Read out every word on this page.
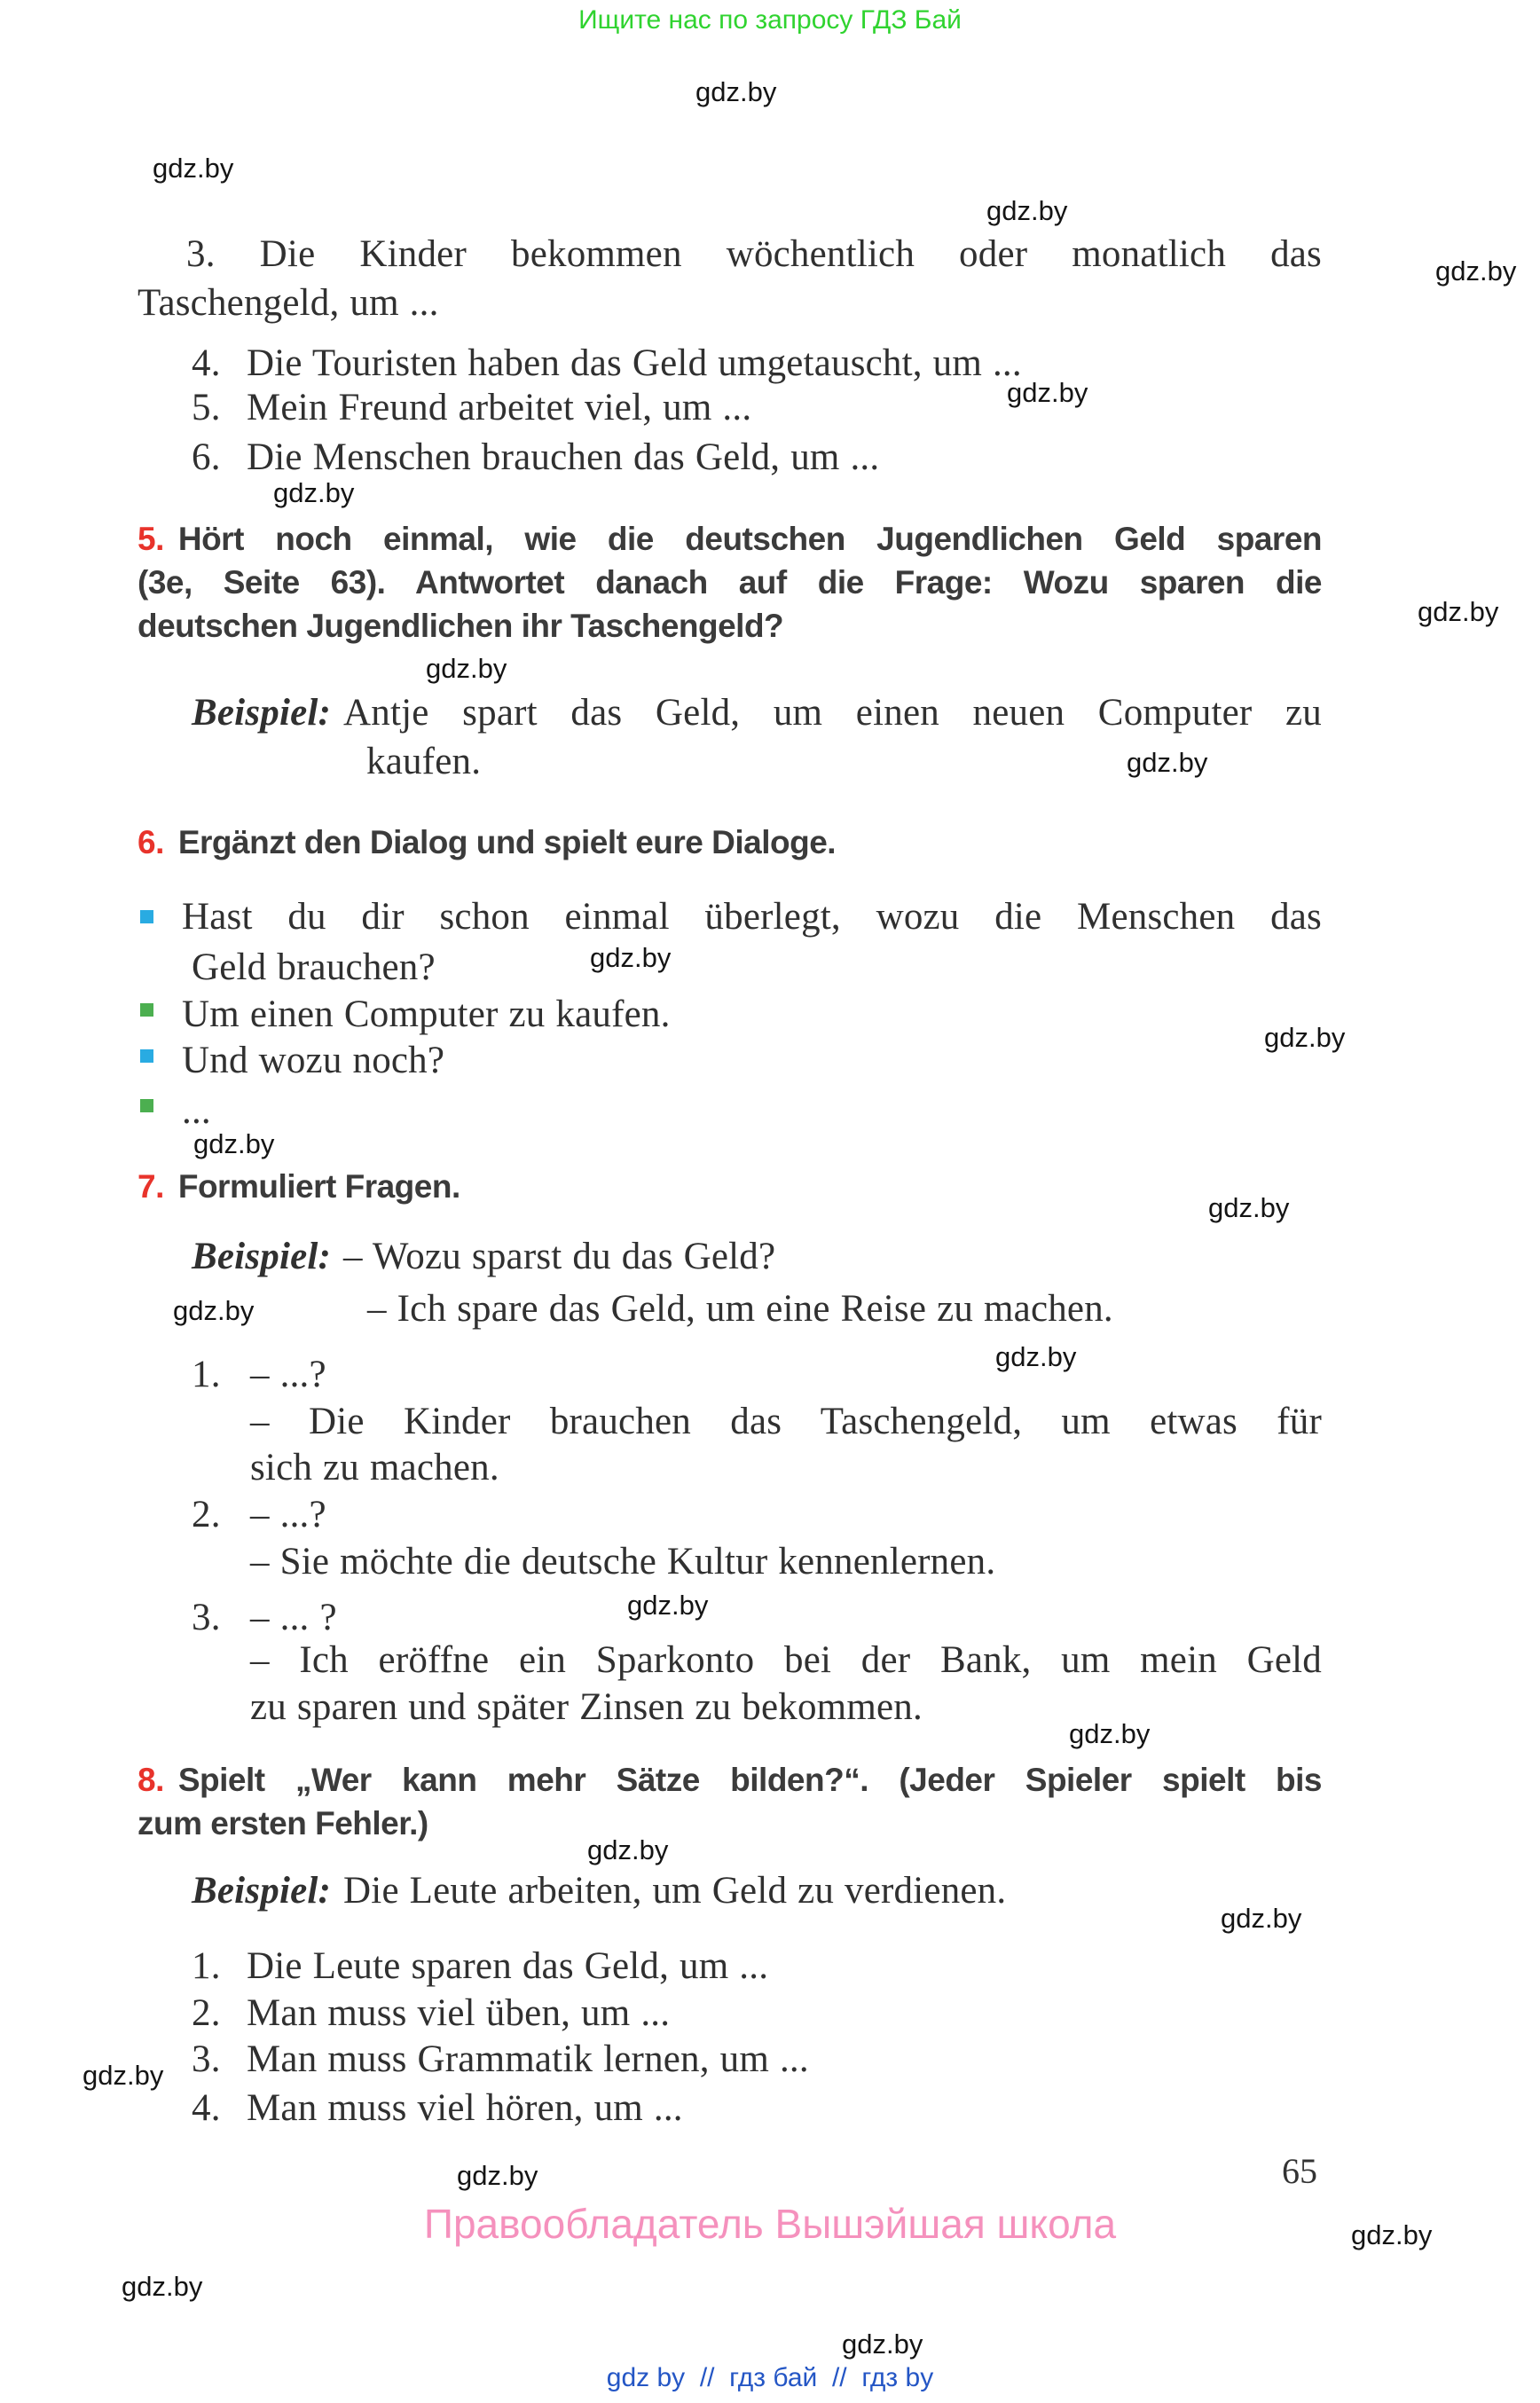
Ищите нас по запросу ГДЗ Бай
gdz.by
gdz.by
gdz.by
gdz.by
gdz.by
gdz.by
gdz.by
gdz.by
gdz.by
gdz.by
gdz.by
gdz.by
gdz.by
gdz.by
gdz.by
gdz.by
gdz.by
gdz.by
gdz.by
gdz.by
gdz.by
gdz.by
gdz.by
gdz.by
3. Die Kinder bekommen wöchentlich oder monatlich das
Taschengeld, um ...
4. Die Touristen haben das Geld umgetauscht, um ...
5. Mein Freund arbeitet viel, um ...
6. Die Menschen brauchen das Geld, um ...
5. Hört noch einmal, wie die deutschen Jugendlichen Geld sparen
(3e, Seite 63). Antwortet danach auf die Frage: Wozu sparen die
deutschen Jugendlichen ihr Taschengeld?
Beispiel: Antje spart das Geld, um einen neuen Computer zu
kaufen.
6. Ergänzt den Dialog und spielt eure Dialoge.
Hast du dir schon einmal überlegt, wozu die Menschen das
Geld brauchen?
Um einen Computer zu kaufen.
Und wozu noch?
...
7. Formuliert Fragen.
Beispiel: – Wozu sparst du das Geld?
– Ich spare das Geld, um eine Reise zu machen.
1. – ...?
– Die Kinder brauchen das Taschengeld, um etwas für
sich zu machen.
2. – ...?
– Sie möchte die deutsche Kultur kennenlernen.
3. – ... ?
– Ich eröffne ein Sparkonto bei der Bank, um mein Geld
zu sparen und später Zinsen zu bekommen.
8. Spielt „Wer kann mehr Sätze bilden?“. (Jeder Spieler spielt bis
zum ersten Fehler.)
Beispiel: Die Leute arbeiten, um Geld zu verdienen.
1. Die Leute sparen das Geld, um ...
2. Man muss viel üben, um ...
3. Man muss Grammatik lernen, um ...
4. Man muss viel hören, um ...
65
Правообладатель Вышэйшая школа
gdz by  //  гдз бай  //  гдз by
